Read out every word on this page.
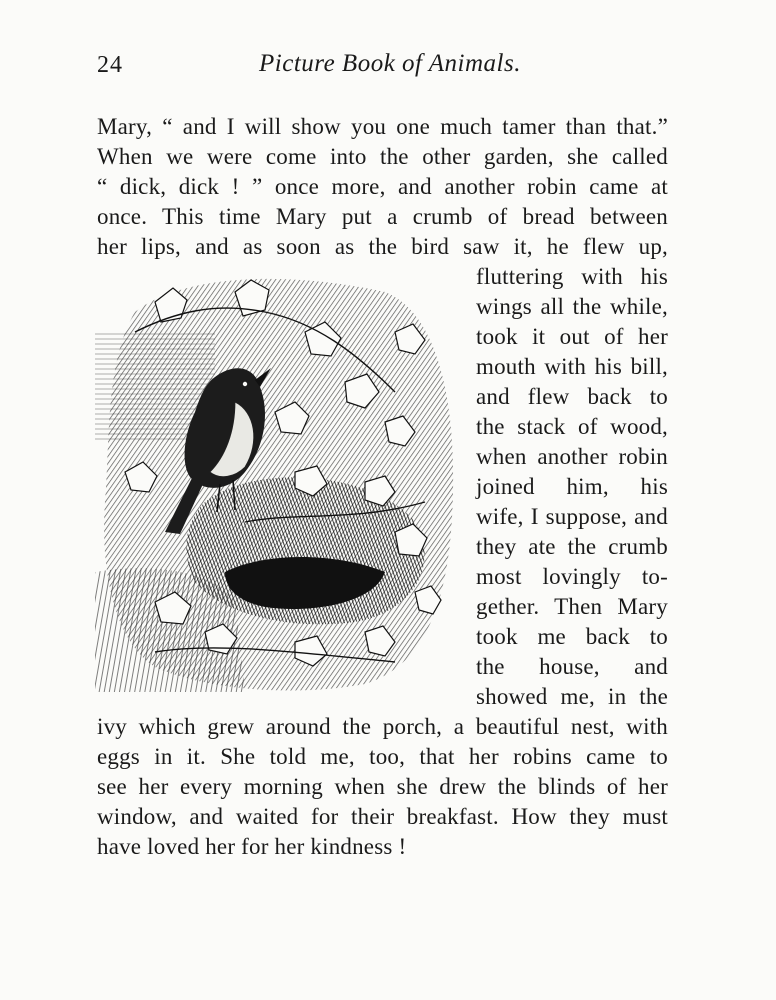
24	Picture Book of Animals.
Mary, “ and I will show you one much tamer than that.”
When we were come into the other garden, she called
“ dick, dick ! ” once more, and another robin came at
once. This time Mary put a crumb of bread between
her lips, and as soon as the bird saw it, he flew up,
fluttering with his
wings all the while,
took it out of her
mouth with his bill,
and flew back to
the stack of wood,
when another robin
joined him, his
wife, I suppose, and
they ate the crumb
most lovingly to-
gether. Then Mary
took me back to
the house, and
showed me, in the
ivy which grew around the porch, a beautiful nest, with
eggs in it. She told me, too, that her robins came to
see her every morning when she drew the blinds of her
window, and waited for their breakfast. How they must
have loved her for her kindness !
